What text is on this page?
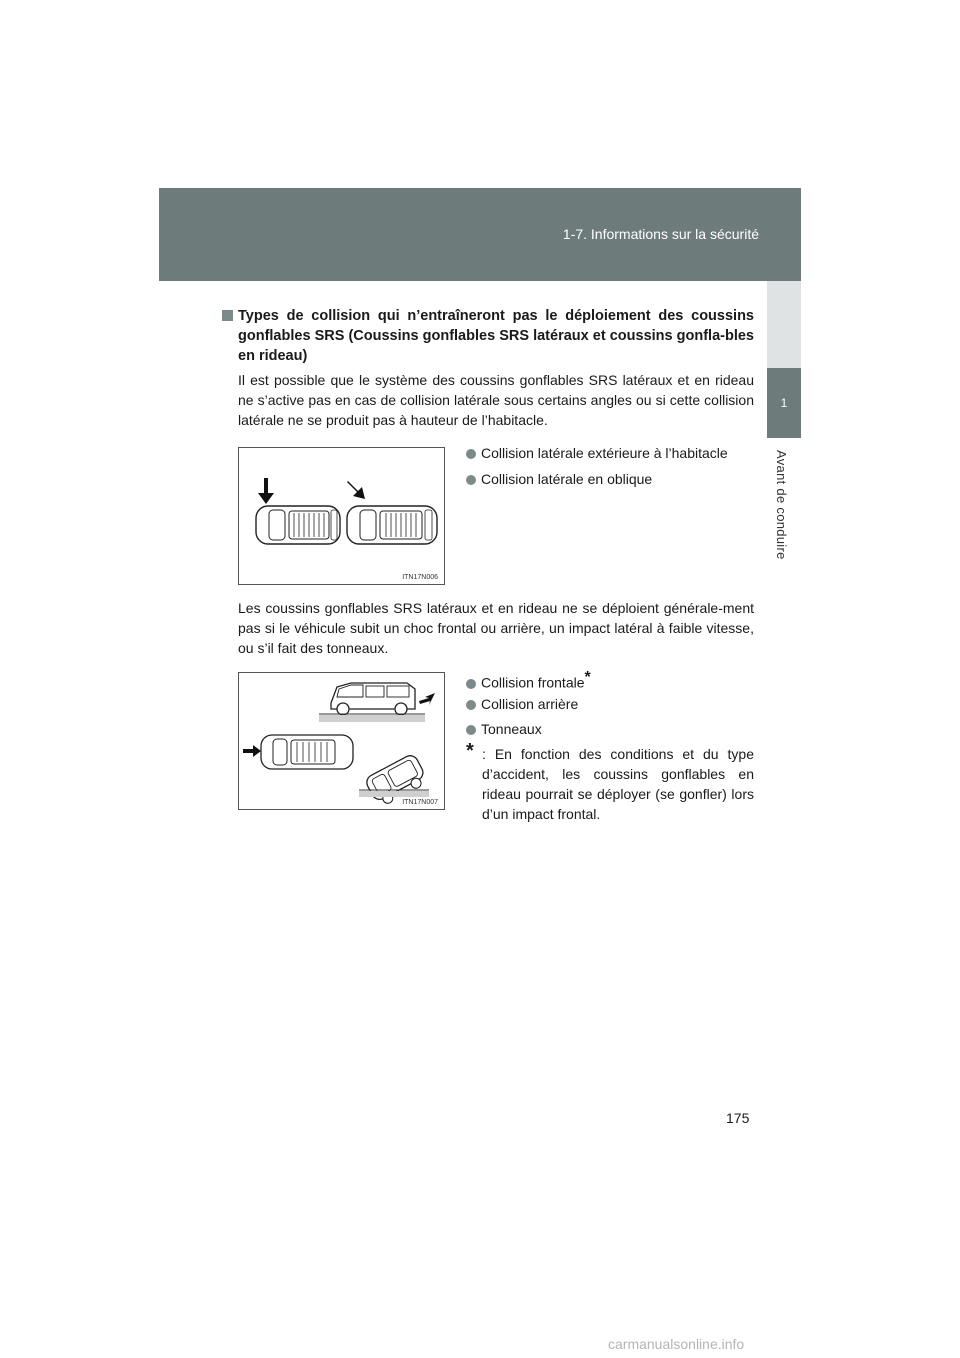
1-7. Informations sur la sécurité
1
Avant de conduire
Types de collision qui n’entraîneront pas le déploiement des coussins gonflables SRS (Coussins gonflables SRS latéraux et coussins gonfla-bles en rideau)
Il est possible que le système des coussins gonflables SRS latéraux et en rideau ne s’active pas en cas de collision latérale sous certains angles ou si cette collision latérale ne se produit pas à hauteur de l’habitacle.
ITN17N006
Collision latérale extérieure à l’habitacle
Collision latérale en oblique
Les coussins gonflables SRS latéraux et en rideau ne se déploient générale-ment pas si le véhicule subit un choc frontal ou arrière, un impact latéral à faible vitesse, ou s’il fait des tonneaux.
ITN17N007
Collision frontale*
Collision arrière
Tonneaux
* : En fonction des conditions et du type d’accident, les coussins gonflables en rideau pourrait se déployer (se gonfler) lors d’un impact frontal.
175
carmanualsonline.info
